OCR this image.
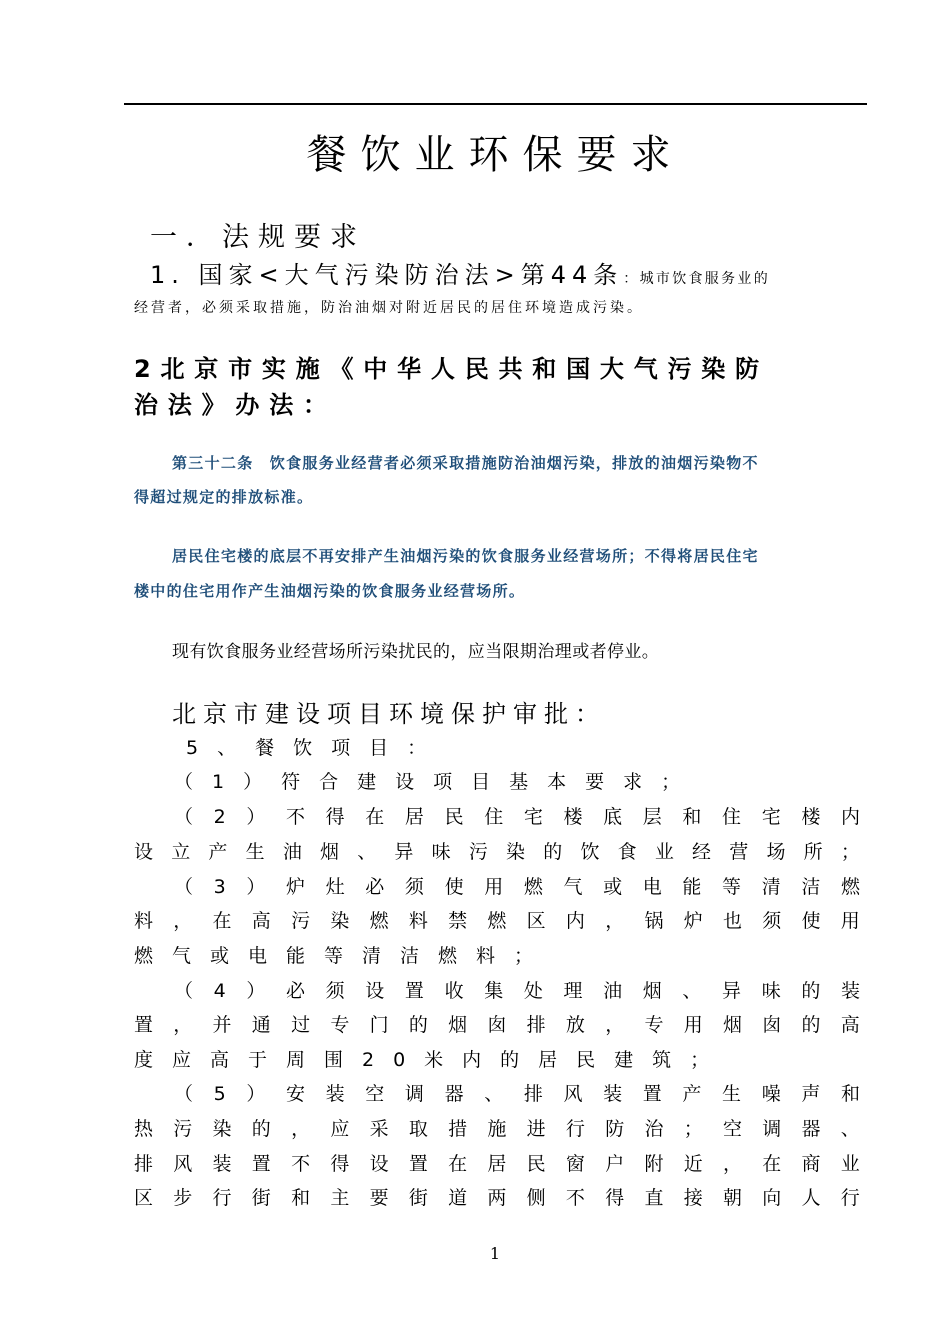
餐饮业环保要求
一．法规要求
1. 国家<大气污染防治法>第44条：城市饮食服务业的
经营者，必须采取措施，防治油烟对附近居民的居住环境造成污染。
2北京市实施《中华人民共和国大气污染防
治法》办法：
第三十二条　饮食服务业经营者必须采取措施防治油烟污染，排放的油烟污染物不
得超过规定的排放标准。
居民住宅楼的底层不再安排产生油烟污染的饮食服务业经营场所；不得将居民住宅
楼中的住宅用作产生油烟污染的饮食服务业经营场所。
现有饮食服务业经营场所污染扰民的，应当限期治理或者停业。
北京市建设项目环境保护审批：
5、餐饮项目：
（1）符合建设项目基本要求；
（ 2 ） 不 得 在 居 民 住 宅 楼 底 层 和 住 宅 楼 内
设 立 产 生 油 烟 、 异 味 污 染 的 饮 食 业 经 营 场 所 ；
（ 3 ） 炉 灶 必 须 使 用 燃 气 或 电 能 等 清 洁 燃
料 ， 在 高 污 染 燃 料 禁 燃 区 内 ， 锅 炉 也 须 使 用
燃气或电能等清洁燃料；
（ 4 ） 必 须 设 置 收 集 处 理 油 烟 、 异 味 的 装
置 ， 并 通 过 专 门 的 烟 囱 排 放 ， 专 用 烟 囱 的 高
度应高于周围20米内的居民建筑；
（ 5 ） 安 装 空 调 器 、 排 风 装 置 产 生 噪 声 和
热 污 染 的 ， 应 采 取 措 施 进 行 防 治 ； 空 调 器 、
排 风 装 置 不 得 设 置 在 居 民 窗 户 附 近 ， 在 商 业
区 步 行 街 和 主 要 街 道 两 侧 不 得 直 接 朝 向 人 行
1
